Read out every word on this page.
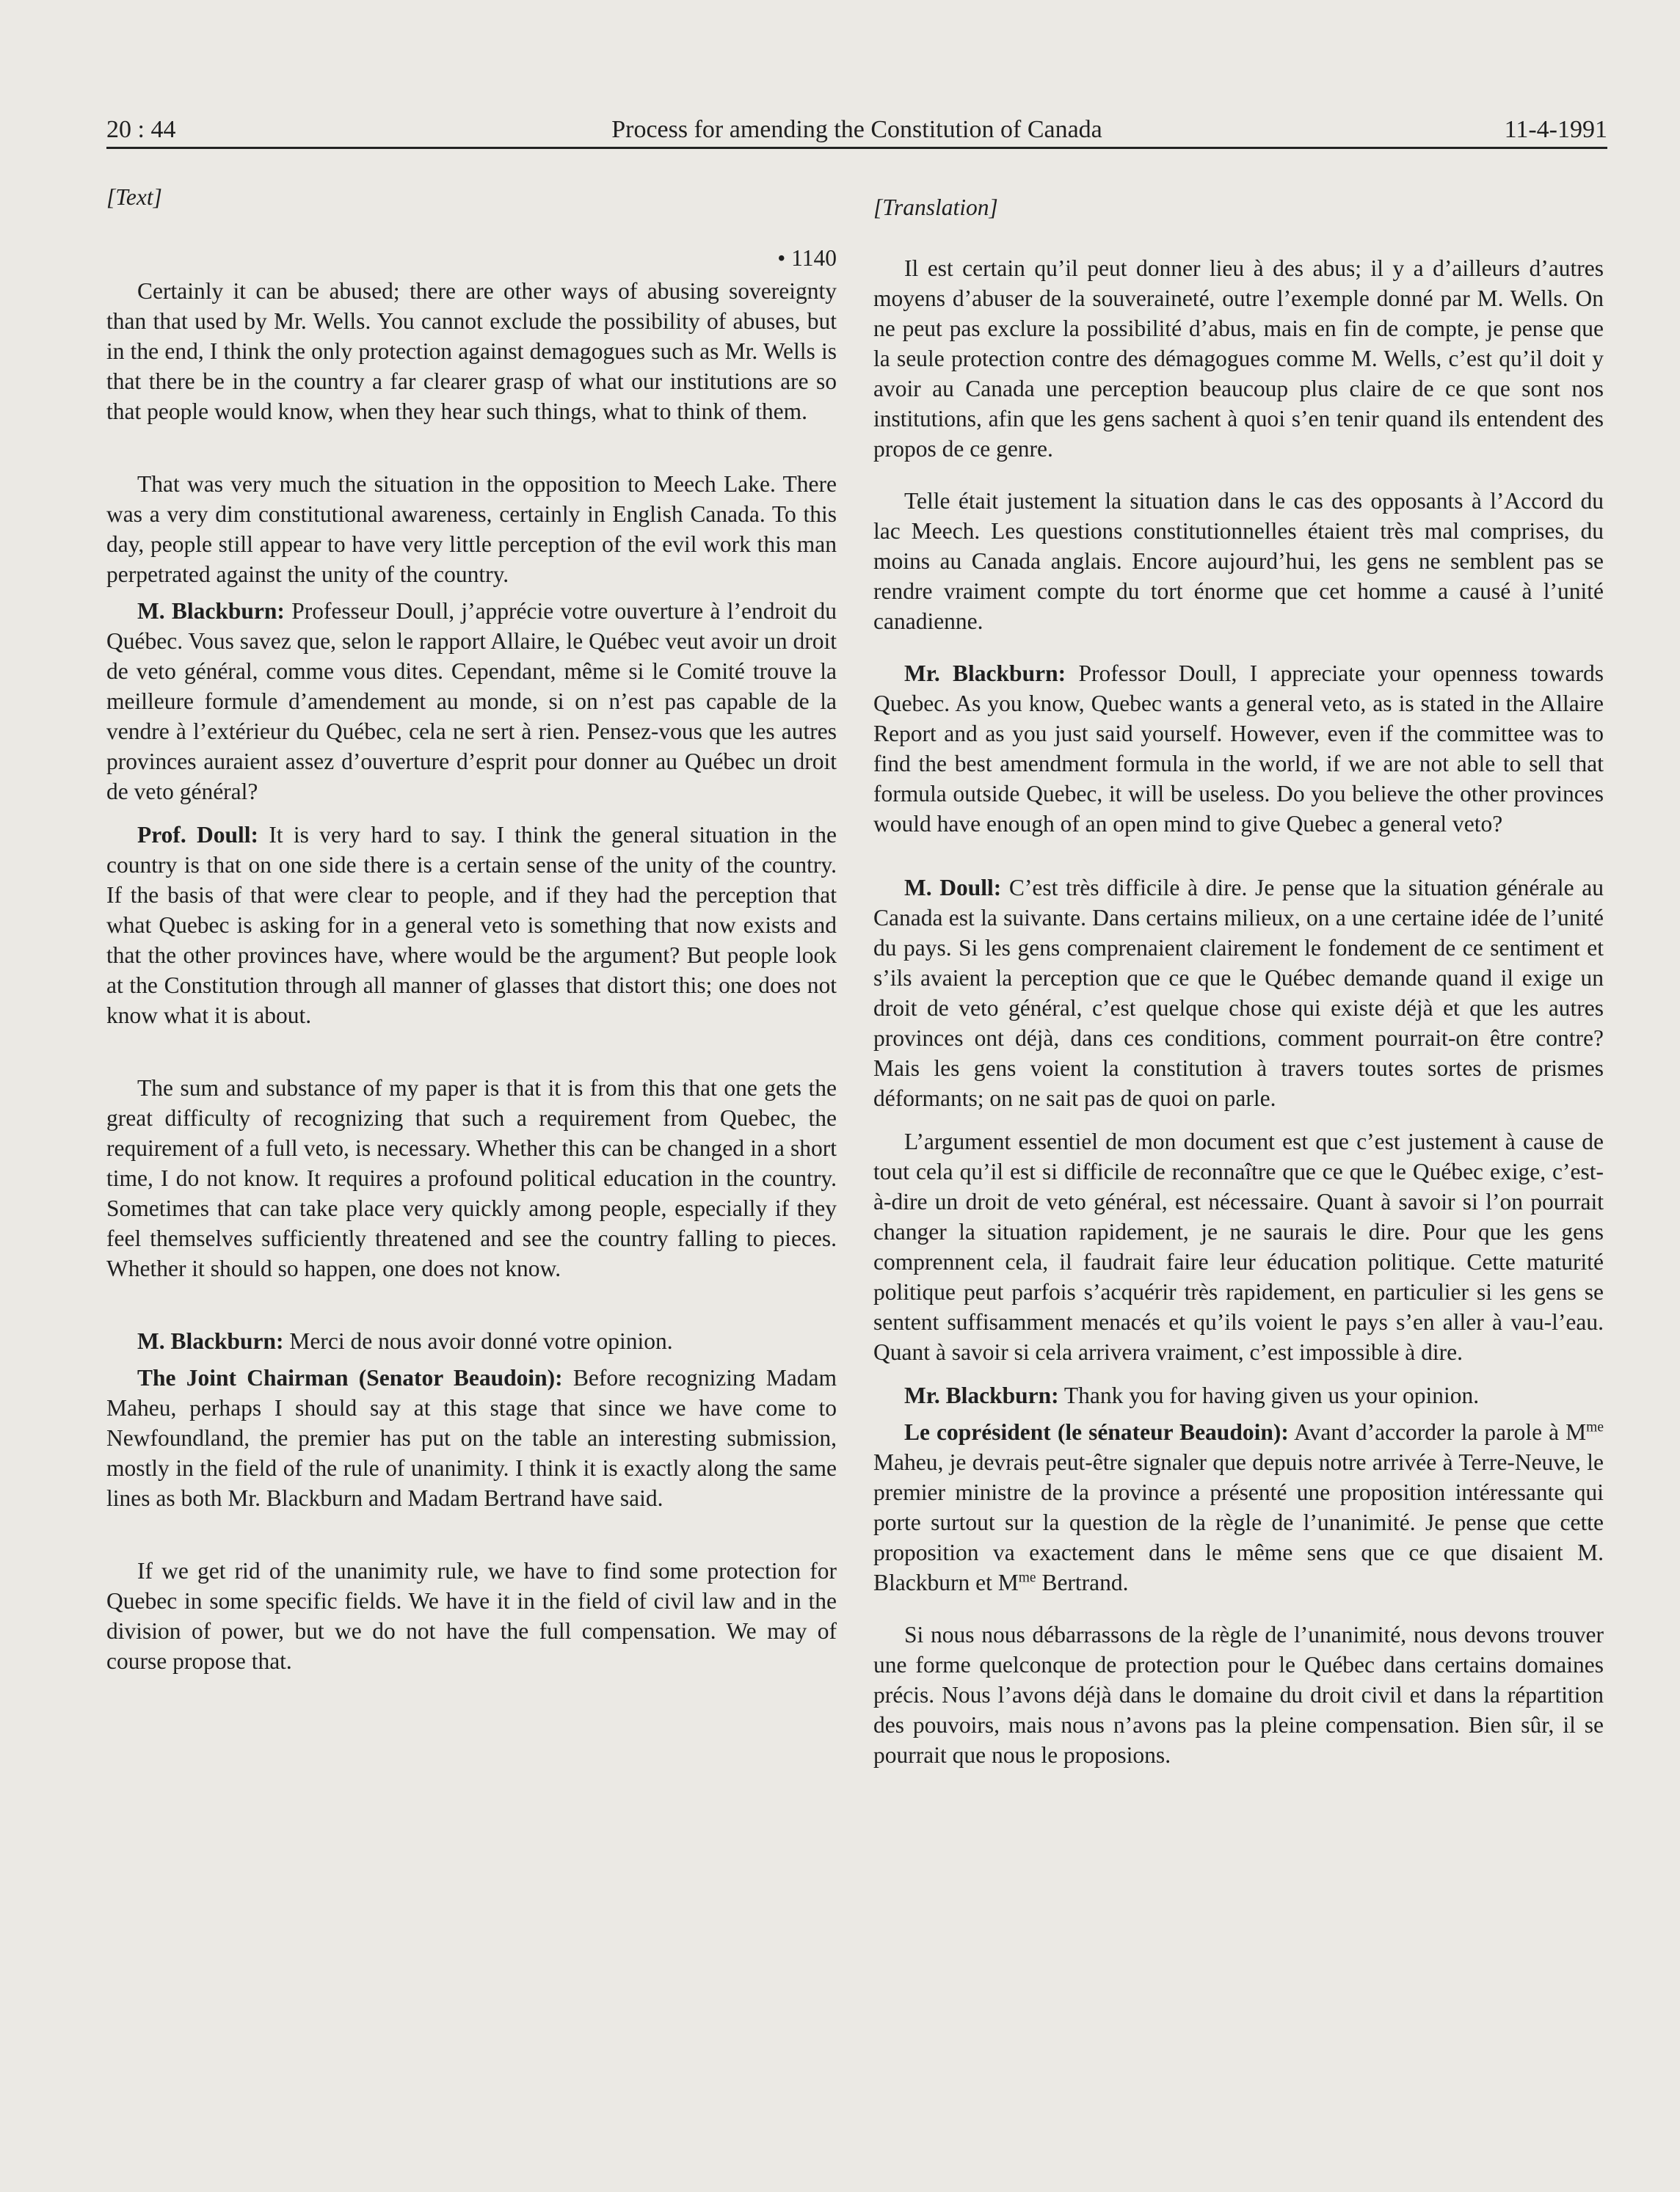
20 : 44	Process for amending the Constitution of Canada	11-4-1991

[Text]

• 1140

Certainly it can be abused; there are other ways of abusing sovereignty than that used by Mr. Wells. You cannot exclude the possibility of abuses, but in the end, I think the only protection against demagogues such as Mr. Wells is that there be in the country a far clearer grasp of what our institutions are so that people would know, when they hear such things, what to think of them.

That was very much the situation in the opposition to Meech Lake. There was a very dim constitutional awareness, certainly in English Canada. To this day, people still appear to have very little perception of the evil work this man perpetrated against the unity of the country.

M. Blackburn: Professeur Doull, j’apprécie votre ouverture à l’endroit du Québec. Vous savez que, selon le rapport Allaire, le Québec veut avoir un droit de veto général, comme vous dites. Cependant, même si le Comité trouve la meilleure formule d’amendement au monde, si on n’est pas capable de la vendre à l’extérieur du Québec, cela ne sert à rien. Pensez-vous que les autres provinces auraient assez d’ouverture d’esprit pour donner au Québec un droit de veto général?

Prof. Doull: It is very hard to say. I think the general situation in the country is that on one side there is a certain sense of the unity of the country. If the basis of that were clear to people, and if they had the perception that what Quebec is asking for in a general veto is something that now exists and that the other provinces have, where would be the argument? But people look at the Constitution through all manner of glasses that distort this; one does not know what it is about.

The sum and substance of my paper is that it is from this that one gets the great difficulty of recognizing that such a requirement from Quebec, the requirement of a full veto, is necessary. Whether this can be changed in a short time, I do not know. It requires a profound political education in the country. Sometimes that can take place very quickly among people, especially if they feel themselves sufficiently threatened and see the country falling to pieces. Whether it should so happen, one does not know.

M. Blackburn: Merci de nous avoir donné votre opinion.

The Joint Chairman (Senator Beaudoin): Before recognizing Madam Maheu, perhaps I should say at this stage that since we have come to Newfoundland, the premier has put on the table an interesting submission, mostly in the field of the rule of unanimity. I think it is exactly along the same lines as both Mr. Blackburn and Madam Bertrand have said.

If we get rid of the unanimity rule, we have to find some protection for Quebec in some specific fields. We have it in the field of civil law and in the division of power, but we do not have the full compensation. We may of course propose that.

[Translation]

Il est certain qu’il peut donner lieu à des abus; il y a d’ailleurs d’autres moyens d’abuser de la souveraineté, outre l’exemple donné par M. Wells. On ne peut pas exclure la possibilité d’abus, mais en fin de compte, je pense que la seule protection contre des démagogues comme M. Wells, c’est qu’il doit y avoir au Canada une perception beaucoup plus claire de ce que sont nos institutions, afin que les gens sachent à quoi s’en tenir quand ils entendent des propos de ce genre.

Telle était justement la situation dans le cas des opposants à l’Accord du lac Meech. Les questions constitutionnelles étaient très mal comprises, du moins au Canada anglais. Encore aujourd’hui, les gens ne semblent pas se rendre vraiment compte du tort énorme que cet homme a causé à l’unité canadienne.

Mr. Blackburn: Professor Doull, I appreciate your openness towards Quebec. As you know, Quebec wants a general veto, as is stated in the Allaire Report and as you just said yourself. However, even if the committee was to find the best amendment formula in the world, if we are not able to sell that formula outside Quebec, it will be useless. Do you believe the other provinces would have enough of an open mind to give Quebec a general veto?

M. Doull: C’est très difficile à dire. Je pense que la situation générale au Canada est la suivante. Dans certains milieux, on a une certaine idée de l’unité du pays. Si les gens comprenaient clairement le fondement de ce sentiment et s’ils avaient la perception que ce que le Québec demande quand il exige un droit de veto général, c’est quelque chose qui existe déjà et que les autres provinces ont déjà, dans ces conditions, comment pourrait-on être contre? Mais les gens voient la constitution à travers toutes sortes de prismes déformants; on ne sait pas de quoi on parle.

L’argument essentiel de mon document est que c’est justement à cause de tout cela qu’il est si difficile de reconnaître que ce que le Québec exige, c’est-à-dire un droit de veto général, est nécessaire. Quant à savoir si l’on pourrait changer la situation rapidement, je ne saurais le dire. Pour que les gens comprennent cela, il faudrait faire leur éducation politique. Cette maturité politique peut parfois s’acquérir très rapidement, en particulier si les gens se sentent suffisamment menacés et qu’ils voient le pays s’en aller à vau-l’eau. Quant à savoir si cela arrivera vraiment, c’est impossible à dire.

Mr. Blackburn: Thank you for having given us your opinion.

Le coprésident (le sénateur Beaudoin): Avant d’accorder la parole à $M^{me}$ Maheu, je devrais peut-être signaler que depuis notre arrivée à Terre-Neuve, le premier ministre de la province a présenté une proposition intéressante qui porte surtout sur la question de la règle de l’unanimité. Je pense que cette proposition va exactement dans le même sens que ce que disaient M. Blackburn et $M^{me}$ Bertrand.

Si nous nous débarrassons de la règle de l’unanimité, nous devons trouver une forme quelconque de protection pour le Québec dans certains domaines précis. Nous l’avons déjà dans le domaine du droit civil et dans la répartition des pouvoirs, mais nous n’avons pas la pleine compensation. Bien sûr, il se pourrait que nous le proposions.
